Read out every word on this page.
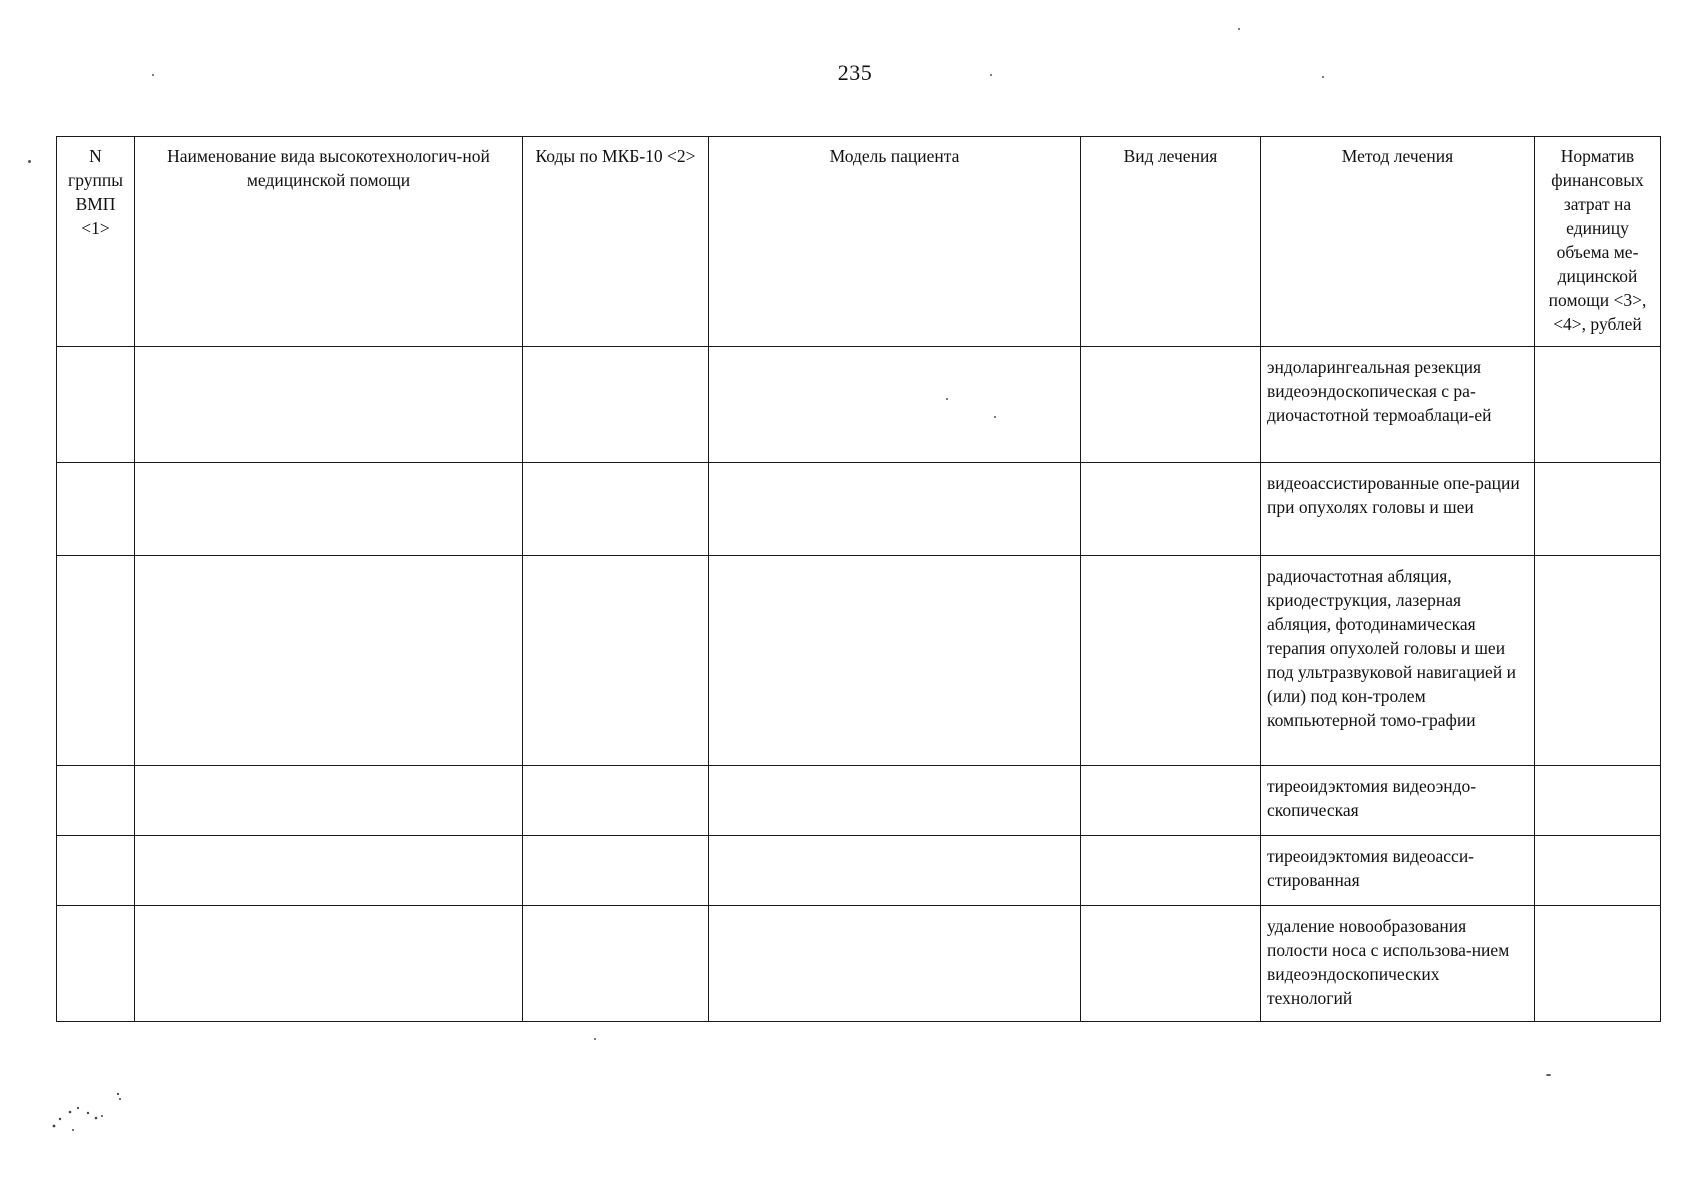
235
N группы ВМП <1>	Наименование вида высокотехнологич-ной медицинской помощи	Коды по МКБ-10 <2>	Модель пациента	Вид лечения	Метод лечения	Норматив финансовых затрат на единицу объема ме-дицинской помощи <3>, <4>, рублей
					эндоларингеальная резекция видеоэндоскопическая с ра-диочастотной термоаблаци-ей	
					видеоассистированные опе-рации при опухолях головы и шеи	
					радиочастотная абляция, криодеструкция, лазерная абляция, фотодинамическая терапия опухолей головы и шеи под ультразвуковой навигацией и (или) под кон-тролем компьютерной томо-графии	
					тиреоидэктомия видеоэндо-скопическая	
					тиреоидэктомия видеоасси-стированная	
					удаление новообразования полости носа с использова-нием видеоэндоскопических технологий	
